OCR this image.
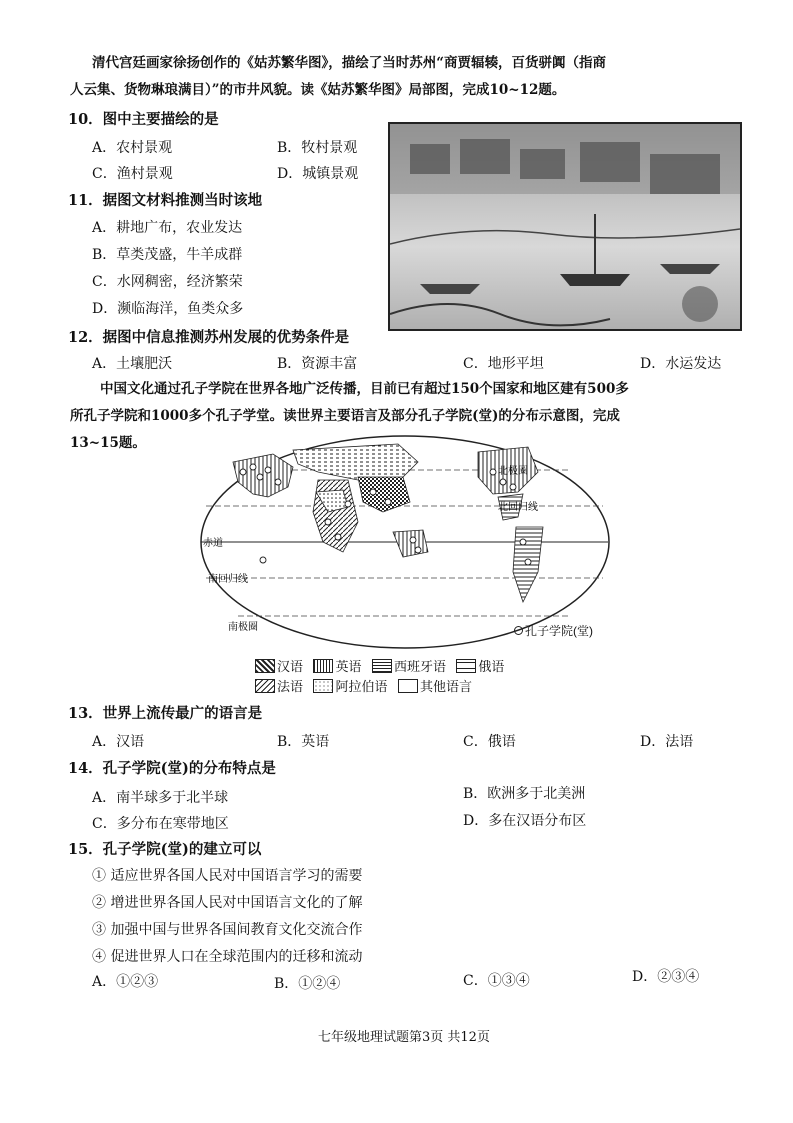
清代宫廷画家徐扬创作的《姑苏繁华图》，描绘了当时苏州“商贾辐辏，百货骈阗（指商
人云集、货物琳琅满目）”的市井风貌。读《姑苏繁华图》局部图，完成10~12题。
10．图中主要描绘的是
A．农村景观	B．牧村景观
C．渔村景观	D．城镇景观
11．据图文材料推测当时该地
A．耕地广布，农业发达
B．草类茂盛，牛羊成群
C．水网稠密，经济繁荣
D．濒临海洋，鱼类众多
12．据图中信息推测苏州发展的优势条件是
A．土壤肥沃	B．资源丰富	C．地形平坦	D．水运发达
中国文化通过孔子学院在世界各地广泛传播，目前已有超过150个国家和地区建有500多
所孔子学院和1000多个孔子学堂。读世界主要语言及部分孔子学院(堂)的分布示意图，完成
13~15题。
北极圈
北回归线
赤道
南回归线
南极圈	孔子学院(堂)
汉语
英语
西班牙语
俄语
法语
阿拉伯语
其他语言
13．世界上流传最广的语言是
A．汉语	B．英语	C．俄语	D．法语
14．孔子学院(堂)的分布特点是
A．南半球多于北半球	B．欧洲多于北美洲
C．多分布在寒带地区	D．多在汉语分布区
15．孔子学院(堂)的建立可以
① 适应世界各国人民对中国语言学习的需要
② 增进世界各国人民对中国语言文化的了解
③ 加强中国与世界各国间教育文化交流合作
④ 促进世界人口在全球范围内的迁移和流动
A．①②③	B．①②④	C．①③④	D．②③④
七年级地理试题第3页 共12页
